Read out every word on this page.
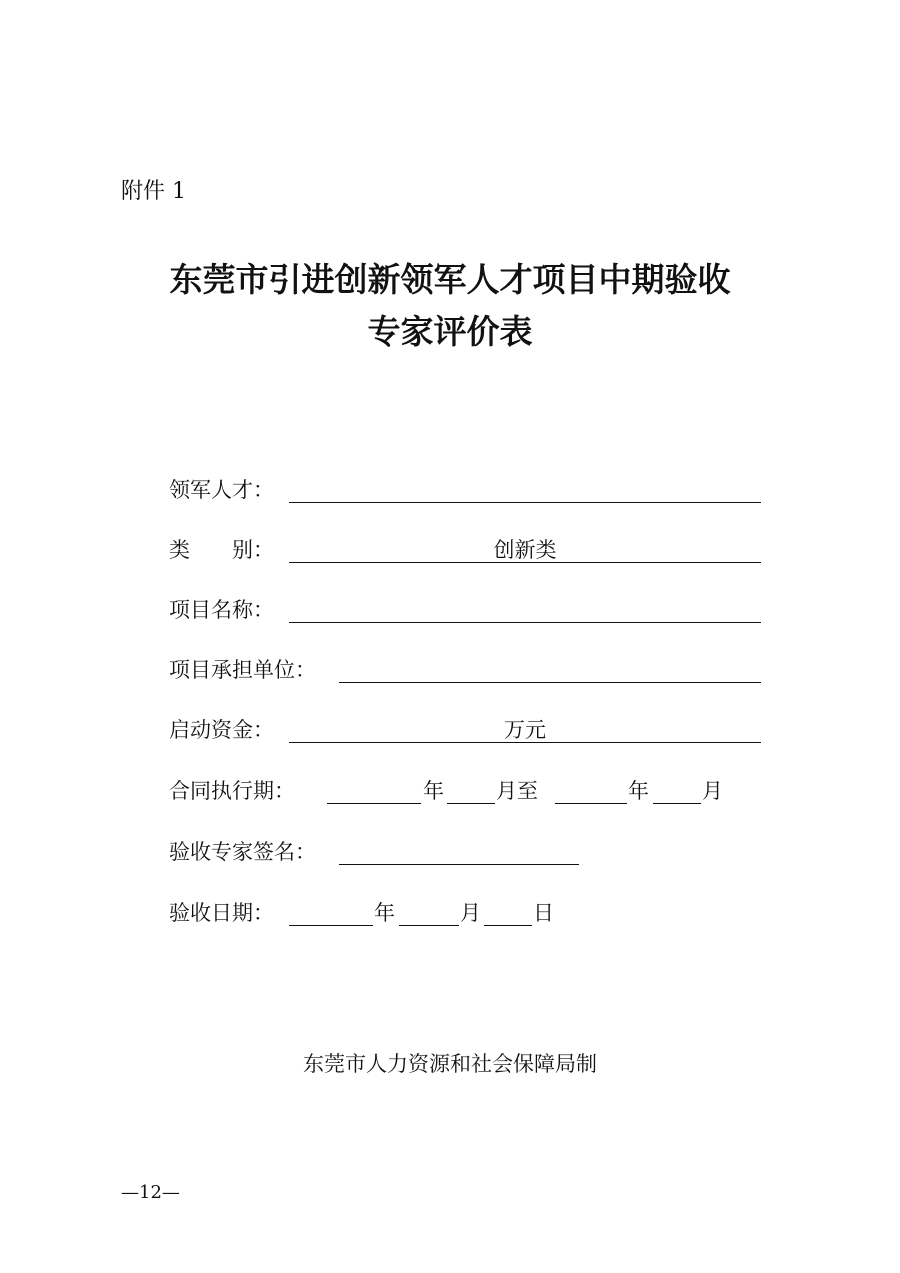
附件 1
东莞市引进创新领军人才项目中期验收
专家评价表
领军人才：
类　　别：	创新类
项目名称：
项目承担单位：
启动资金：	万元
合同执行期：	年 月至	年	月
验收专家签名：
验收日期：	年	月 日
东莞市人力资源和社会保障局制
—12—
